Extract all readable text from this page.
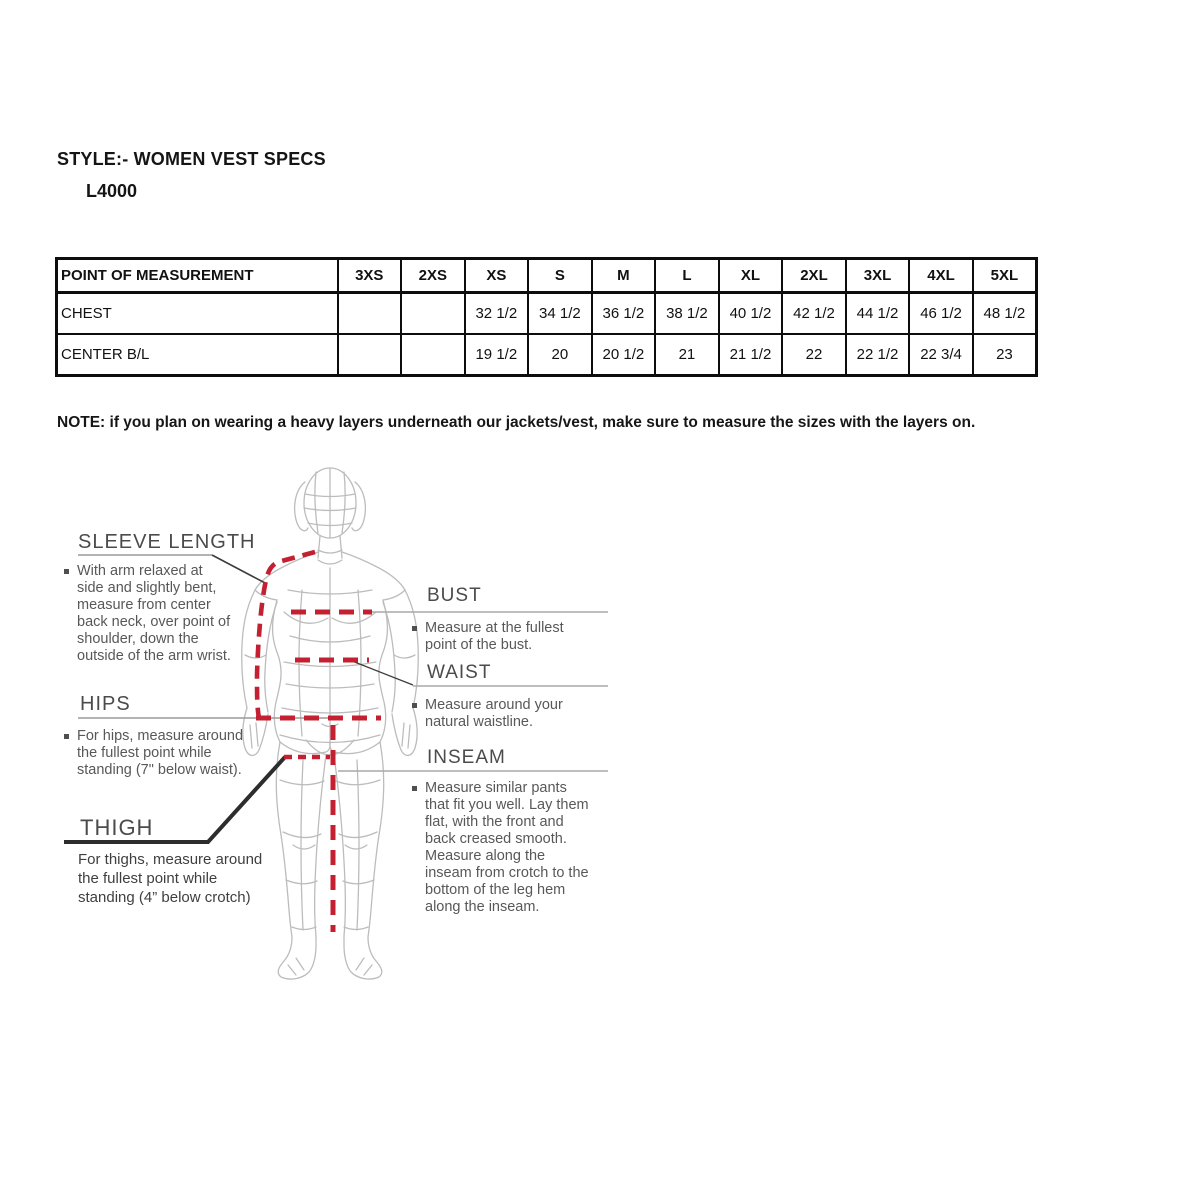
STYLE:- WOMEN VEST SPECS
L4000
POINT OF MEASUREMENT	3XS	2XS	XS	S	M	L	XL	2XL	3XL	4XL	5XL
CHEST			32 1/2	34 1/2	36 1/2	38 1/2	40 1/2	42 1/2	44 1/2	46 1/2	48 1/2
CENTER B/L			19 1/2	20	20 1/2	21	21 1/2	22	22 1/2	22 3/4	23

NOTE: if you plan on wearing a heavy layers underneath our jackets/vest, make sure to measure the sizes with the layers on.

SLEEVE LENGTH

With arm relaxed at side and slightly bent, measure from center back neck, over point of shoulder, down the outside of the arm wrist.

HIPS

For hips, measure around the fullest point while standing (7" below waist).

THIGH

For thighs, measure around the fullest point while standing (4” below crotch)

BUST

Measure at the fullest point of the bust.

WAIST

Measure around your natural waistline.

INSEAM

Measure similar pants that fit you well. Lay them flat, with the front and back creased smooth. Measure along the inseam from crotch to the bottom of the leg hem along the inseam.
